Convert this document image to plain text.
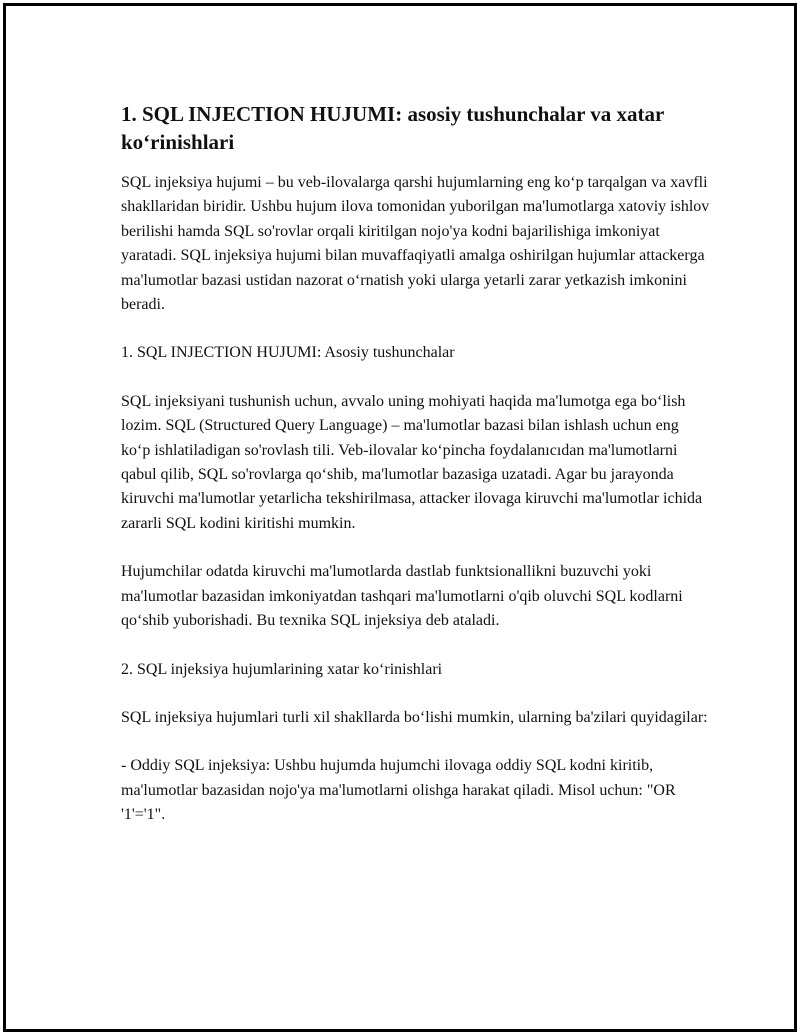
1. SQL INJECTION HUJUMI: asosiy tushunchalar va xatar ko‘rinishlari

SQL injeksiya hujumi – bu veb-ilovalarga qarshi hujumlarning eng ko‘p tarqalgan va xavfli shakllaridan biridir. Ushbu hujum ilova tomonidan yuborilgan ma'lumotlarga xatoviy ishlov berilishi hamda SQL so'rovlar orqali kiritilgan nojo'ya kodni bajarilishiga imkoniyat yaratadi. SQL injeksiya hujumi bilan muvaffaqiyatli amalga oshirilgan hujumlar attackerga ma'lumotlar bazasi ustidan nazorat o‘rnatish yoki ularga yetarli zarar yetkazish imkonini beradi.

1. SQL INJECTION HUJUMI: Asosiy tushunchalar

SQL injeksiyani tushunish uchun, avvalo uning mohiyati haqida ma'lumotga ega bo‘lish lozim. SQL (Structured Query Language) – ma'lumotlar bazasi bilan ishlash uchun eng ko‘p ishlatiladigan so'rovlash tili. Veb-ilovalar ko‘pincha foydalanıcıdan ma'lumotlarni qabul qilib, SQL so'rovlarga qo‘shib, ma'lumotlar bazasiga uzatadi. Agar bu jarayonda kiruvchi ma'lumotlar yetarlicha tekshirilmasa, attacker ilovaga kiruvchi ma'lumotlar ichida zararli SQL kodini kiritishi mumkin.

Hujumchilar odatda kiruvchi ma'lumotlarda dastlab funktsionallikni buzuvchi yoki ma'lumotlar bazasidan imkoniyatdan tashqari ma'lumotlarni o'qib oluvchi SQL kodlarni qo‘shib yuborishadi. Bu texnika SQL injeksiya deb ataladi.

2. SQL injeksiya hujumlarining xatar ko‘rinishlari

SQL injeksiya hujumlari turli xil shakllarda bo‘lishi mumkin, ularning ba'zilari quyidagilar:

- Oddiy SQL injeksiya: Ushbu hujumda hujumchi ilovaga oddiy SQL kodni kiritib, ma'lumotlar bazasidan nojo'ya ma'lumotlarni olishga harakat qiladi. Misol uchun: "OR '1'='1".
